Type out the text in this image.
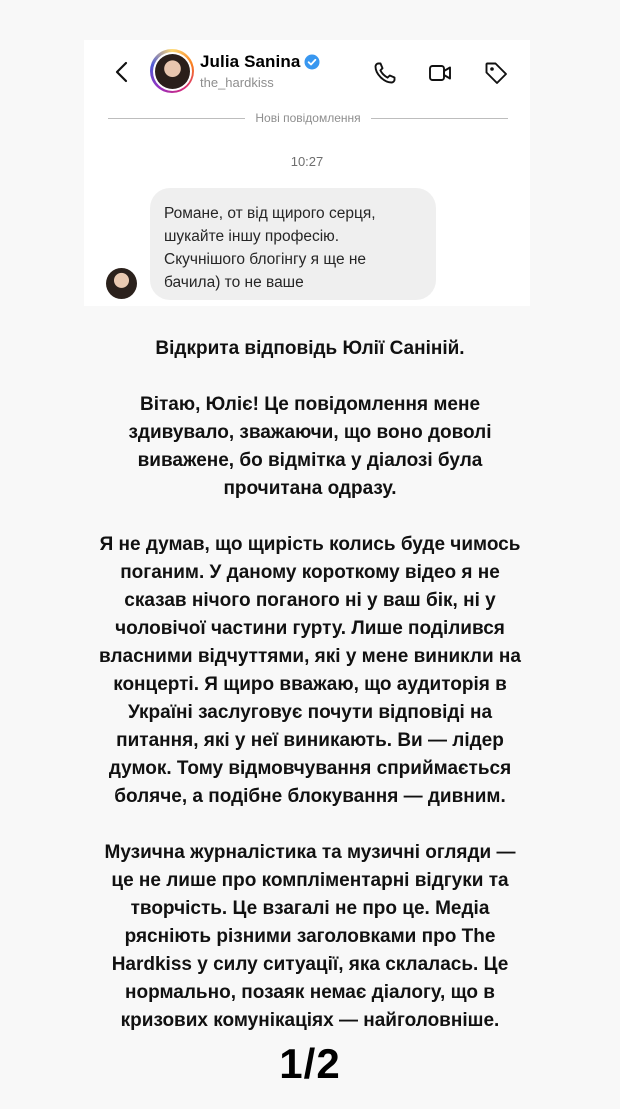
Julia Sanina
the_hardkiss
Нові повідомлення
10:27
Романе, от від щирого серця,
шукайте іншу професію.
Скучнішого блогінгу я ще не
бачила) то не ваше
Відкрита відповідь Юлії Саніній.
Вітаю, Юліє! Це повідомлення мене
здивувало, зважаючи, що воно доволі
виважене, бо відмітка у діалозі була
прочитана одразу.
Я не думав, що щирість колись буде чимось
поганим. У даному короткому відео я не
сказав нічого поганого ні у ваш бік, ні у
чоловічої частини гурту. Лише поділився
власними відчуттями, які у мене виникли на
концерті. Я щиро вважаю, що аудиторія в
Україні заслуговує почути відповіді на
питання, які у неї виникають. Ви — лідер
думок. Тому відмовчування сприймається
боляче, а подібне блокування — дивним.
Музична журналістика та музичні огляди —
це не лише про компліментарні відгуки та
творчість. Це взагалі не про це. Медіа
рясніють різними заголовками про The
Hardkiss у силу ситуації, яка склалась. Це
нормально, позаяк немає діалогу, що в
кризових комунікаціях — найголовніше.
1/2
